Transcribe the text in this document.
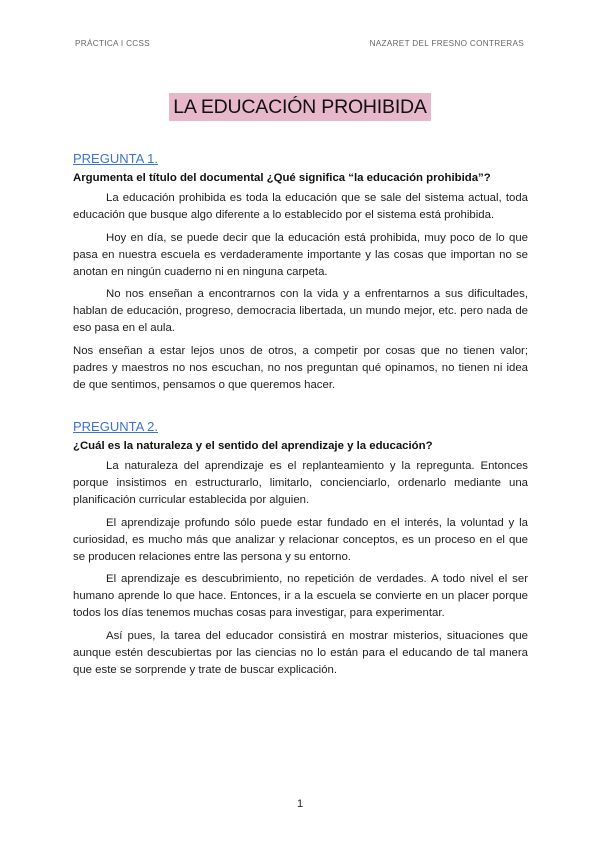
PRÁCTICA I CCSS	NAZARET DEL FRESNO CONTRERAS
LA EDUCACIÓN PROHIBIDA
PREGUNTA 1.
Argumenta el título del documental ¿Qué significa “la educación prohibida”?

La educación prohibida es toda la educación que se sale del sistema actual, toda educación que busque algo diferente a lo establecido por el sistema está prohibida.

Hoy en día, se puede decir que la educación está prohibida, muy poco de lo que pasa en nuestra escuela es verdaderamente importante y las cosas que importan no se anotan en ningún cuaderno ni en ninguna carpeta.

No nos enseñan a encontrarnos con la vida y a enfrentarnos a sus dificultades, hablan de educación, progreso, democracia libertada, un mundo mejor, etc. pero nada de eso pasa en el aula.

Nos enseñan a estar lejos unos de otros, a competir por cosas que no tienen valor; padres y maestros no nos escuchan, no nos preguntan qué opinamos, no tienen ni idea de que sentimos, pensamos o que queremos hacer.

PREGUNTA 2.
¿Cuál es la naturaleza y el sentido del aprendizaje y la educación?

La naturaleza del aprendizaje es el replanteamiento y la repregunta. Entonces porque insistimos en estructurarlo, limitarlo, concienciarlo, ordenarlo mediante una planificación curricular establecida por alguien.

El aprendizaje profundo sólo puede estar fundado en el interés, la voluntad y la curiosidad, es mucho más que analizar y relacionar conceptos, es un proceso en el que se producen relaciones entre las persona y su entorno.

El aprendizaje es descubrimiento, no repetición de verdades. A todo nivel el ser humano aprende lo que hace. Entonces, ir a la escuela se convierte en un placer porque todos los días tenemos muchas cosas para investigar, para experimentar.

Así pues, la tarea del educador consistirá en mostrar misterios, situaciones que aunque estén descubiertas por las ciencias no lo están para el educando de tal manera que este se sorprende y trate de buscar explicación.

1
